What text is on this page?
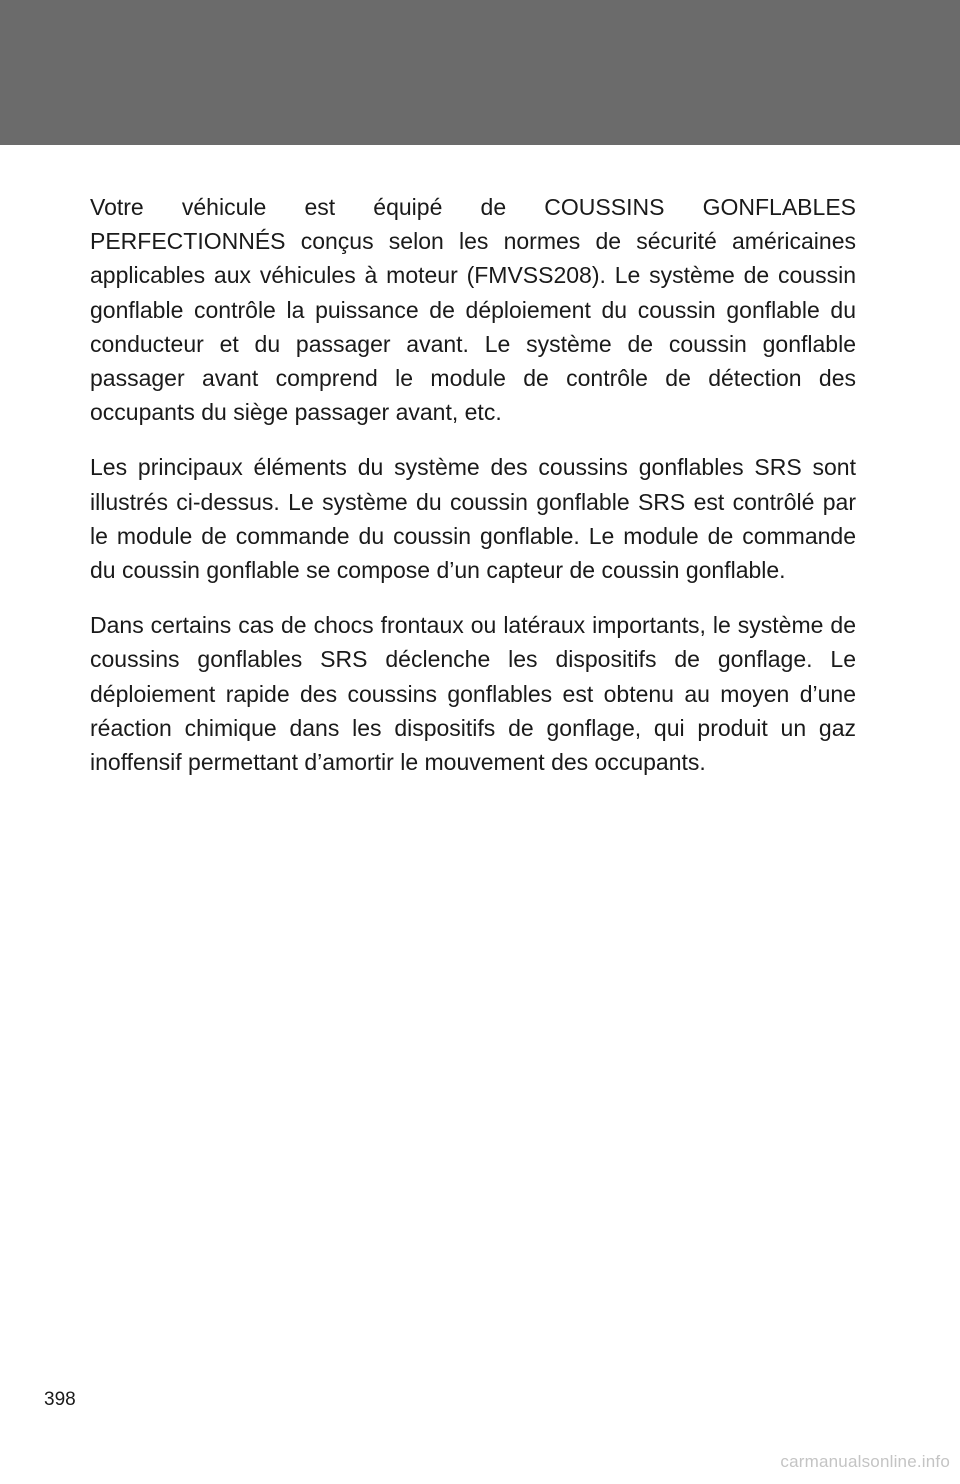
Votre véhicule est équipé de COUSSINS GONFLABLES PERFECTIONNÉS conçus selon les normes de sécurité américaines applicables aux véhicules à moteur (FMVSS208). Le système de coussin gonflable contrôle la puissance de déploiement du coussin gonflable du conducteur et du passager avant. Le système de coussin gonflable passager avant comprend le module de contrôle de détection des occupants du siège passager avant, etc.

Les principaux éléments du système des coussins gonflables SRS sont illustrés ci-dessus. Le système du coussin gonflable SRS est contrôlé par le module de commande du coussin gonflable. Le module de commande du coussin gonflable se compose d’un capteur de coussin gonflable.

Dans certains cas de chocs frontaux ou latéraux importants, le système de coussins gonflables SRS déclenche les dispositifs de gonflage. Le déploiement rapide des coussins gonflables est obtenu au moyen d’une réaction chimique dans les dispositifs de gonflage, qui produit un gaz inoffensif permettant d’amortir le mouvement des occupants.

398
carmanualsonline.info
